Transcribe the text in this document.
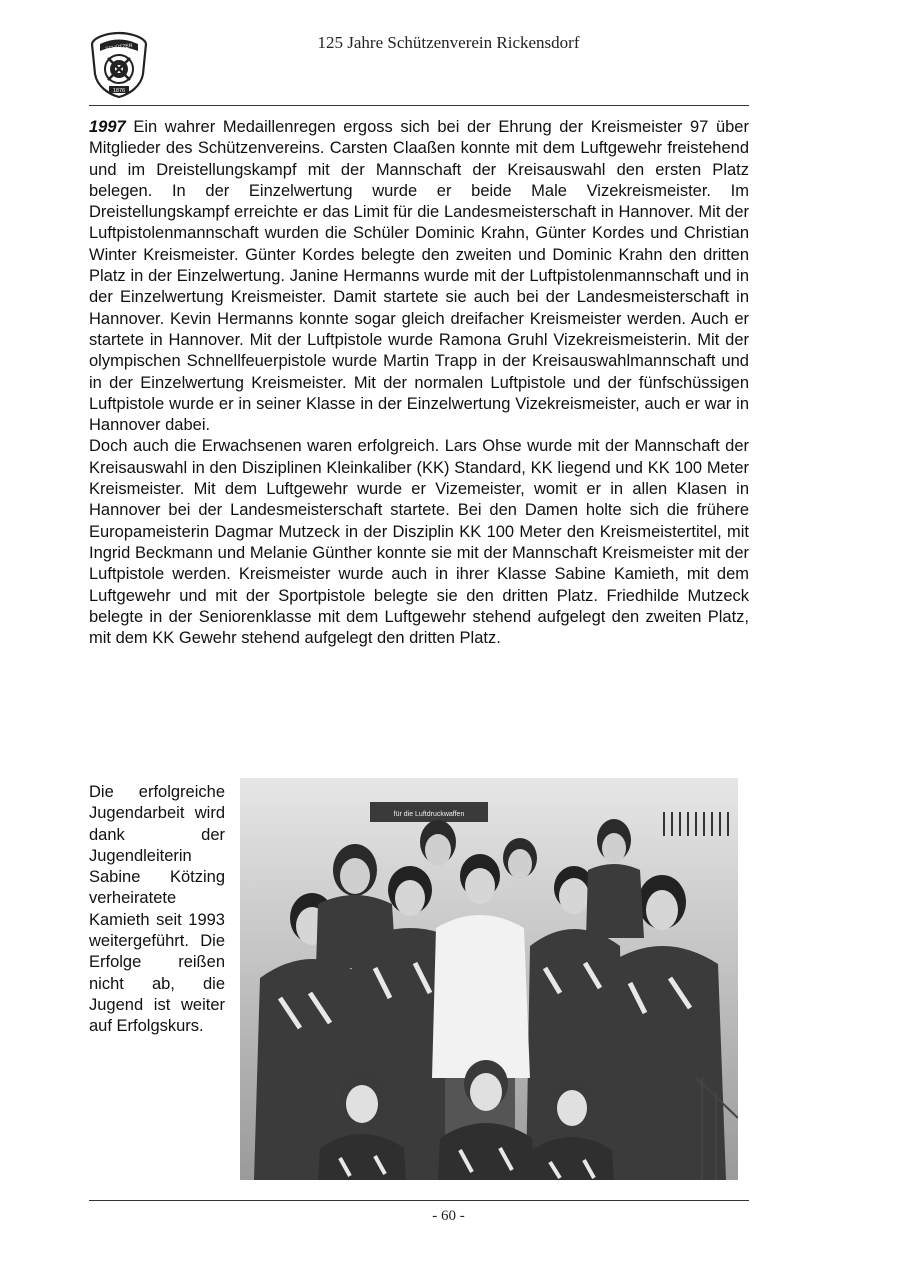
SCHÜTZEN
1876
125 Jahre Schützenverein Rickensdorf

1997 Ein wahrer Medaillenregen ergoss sich bei der Ehrung der Kreismeister 97 über Mitglieder des Schützenvereins. Carsten Claaßen konnte mit dem Luftgewehr freistehend und im Dreistellungskampf mit der Mannschaft der Kreisauswahl den ersten Platz belegen. In der Einzelwertung wurde er beide Male Vizekreismeister. Im Dreistellungskampf erreichte er das Limit für die Landesmeisterschaft in Hannover. Mit der Luftpistolenmannschaft wurden die Schüler Dominic Krahn, Günter Kordes und Christian Winter Kreismeister. Günter Kordes belegte den zweiten und Dominic Krahn den dritten Platz in der Einzelwertung. Janine Hermanns wurde mit der Luftpistolenmannschaft und in der Einzelwertung Kreismeister. Damit startete sie auch bei der Landesmeisterschaft in Hannover. Kevin Hermanns konnte sogar gleich dreifacher Kreismeister werden. Auch er startete in Hannover. Mit der Luftpistole wurde Ramona Gruhl Vizekreismeisterin. Mit der olympischen Schnellfeuerpistole wurde Martin Trapp in der Kreisauswahlmannschaft und in der Einzelwertung Kreismeister. Mit der normalen Luftpistole und der fünfschüssigen Luftpistole wurde er in seiner Klasse in der Einzelwertung Vizekreismeister, auch er war in Hannover dabei.

Doch auch die Erwachsenen waren erfolgreich. Lars Ohse wurde mit der Mannschaft der Kreisauswahl in den Disziplinen Kleinkaliber (KK) Standard, KK liegend und KK 100 Meter Kreismeister. Mit dem Luftgewehr wurde er Vizemeister, womit er in allen Klasen in Hannover bei der Landesmeisterschaft startete. Bei den Damen holte sich die frühere Europameisterin Dagmar Mutzeck in der Disziplin KK 100 Meter den Kreismeistertitel, mit Ingrid Beckmann und Melanie Günther konnte sie mit der Mannschaft Kreismeister mit der Luftpistole werden. Kreismeister wurde auch in ihrer Klasse Sabine Kamieth, mit dem Luftgewehr und mit der Sportpistole belegte sie den dritten Platz. Friedhilde Mutzeck belegte in der Seniorenklasse mit dem Luftgewehr stehend aufgelegt den zweiten Platz, mit dem KK Gewehr stehend aufgelegt den dritten Platz.

Die erfolgreiche Jugendarbeit wird dank der Jugendleiterin Sabine Kötzing verheiratete Kamieth seit 1993 weitergeführt. Die Erfolge reißen nicht ab, die Jugend ist weiter auf Erfolgskurs.

für die Luftdruckwaffen
- 60 -
